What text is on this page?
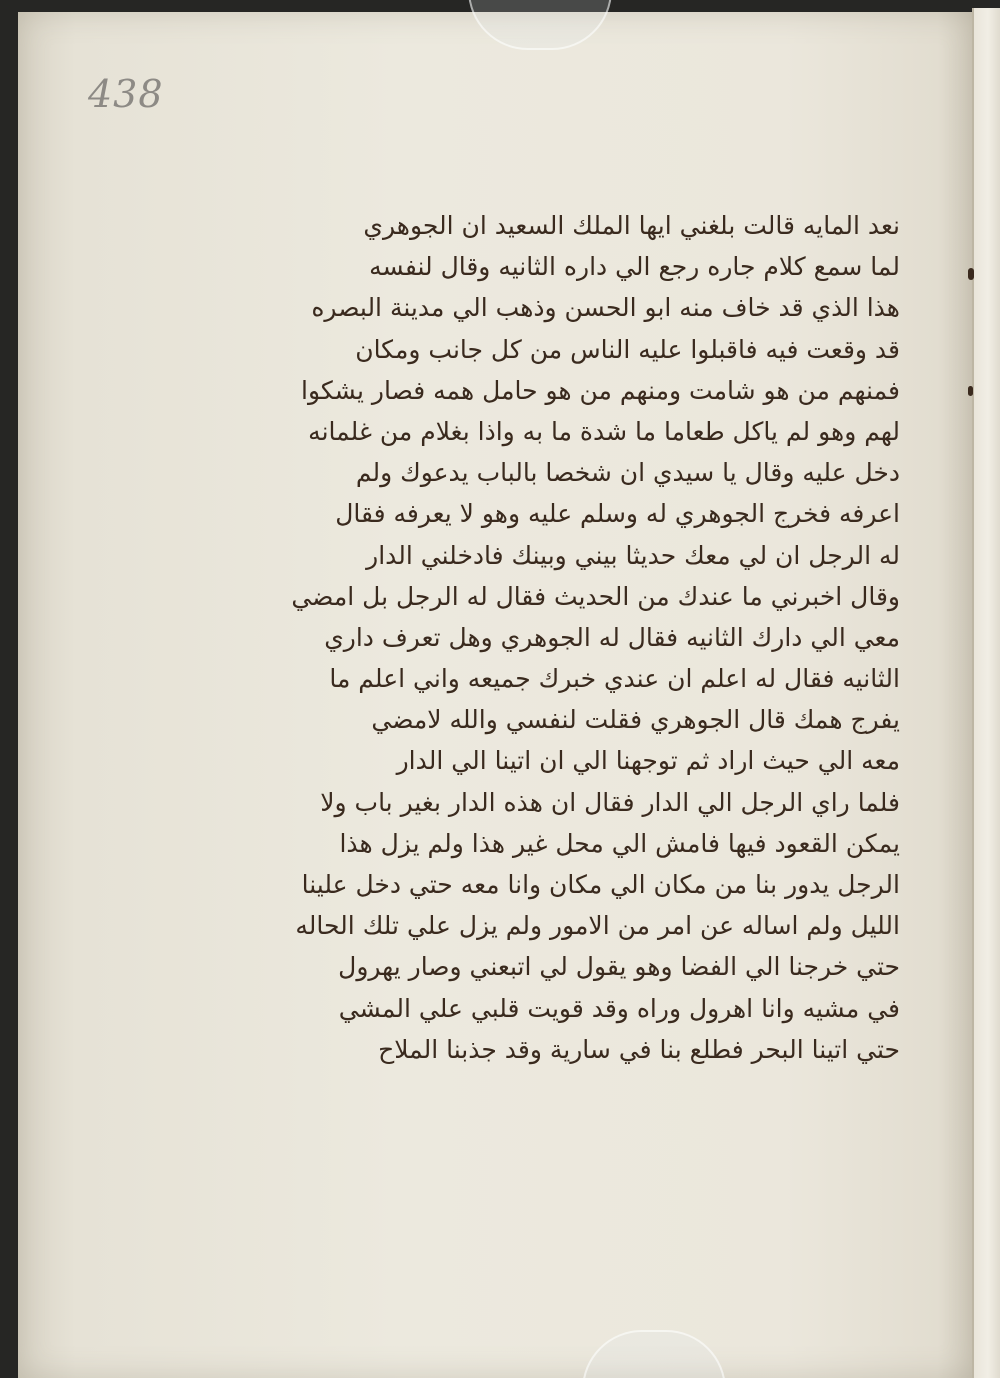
438
نعد المايه قالت بلغني ايها الملك السعيد ان الجوهري
لما سمع كلام جاره رجع الي داره الثانيه وقال لنفسه
هذا الذي قد خاف منه ابو الحسن وذهب الي مدينة البصره
قد وقعت فيه فاقبلوا عليه الناس من كل جانب ومكان
فمنهم من هو شامت ومنهم من هو حامل همه فصار يشكوا
لهم وهو لم ياكل طعاما ما شدة ما به واذا بغلام من غلمانه
دخل عليه وقال يا سيدي ان شخصا بالباب يدعوك ولم
اعرفه فخرج الجوهري له وسلم عليه وهو لا يعرفه فقال
له الرجل ان لي معك حديثا بيني وبينك فادخلني الدار
وقال اخبرني ما عندك من الحديث فقال له الرجل بل امضي
معي الي دارك الثانيه فقال له الجوهري وهل تعرف داري
الثانيه فقال له اعلم ان عندي خبرك جميعه واني اعلم ما
يفرج همك قال الجوهري فقلت لنفسي والله لامضي
معه الي حيث اراد ثم توجهنا الي ان اتينا الي الدار
فلما راي الرجل الي الدار فقال ان هذه الدار بغير باب ولا
يمكن القعود فيها فامش الي محل غير هذا ولم يزل هذا
الرجل يدور بنا من مكان الي مكان وانا معه حتي دخل علينا
الليل ولم اساله عن امر من الامور ولم يزل علي تلك الحاله
حتي خرجنا الي الفضا وهو يقول لي اتبعني وصار يهرول
في مشيه وانا اهرول وراه وقد قويت قلبي علي المشي
حتي اتينا البحر فطلع بنا في سارية وقد جذبنا الملاح
